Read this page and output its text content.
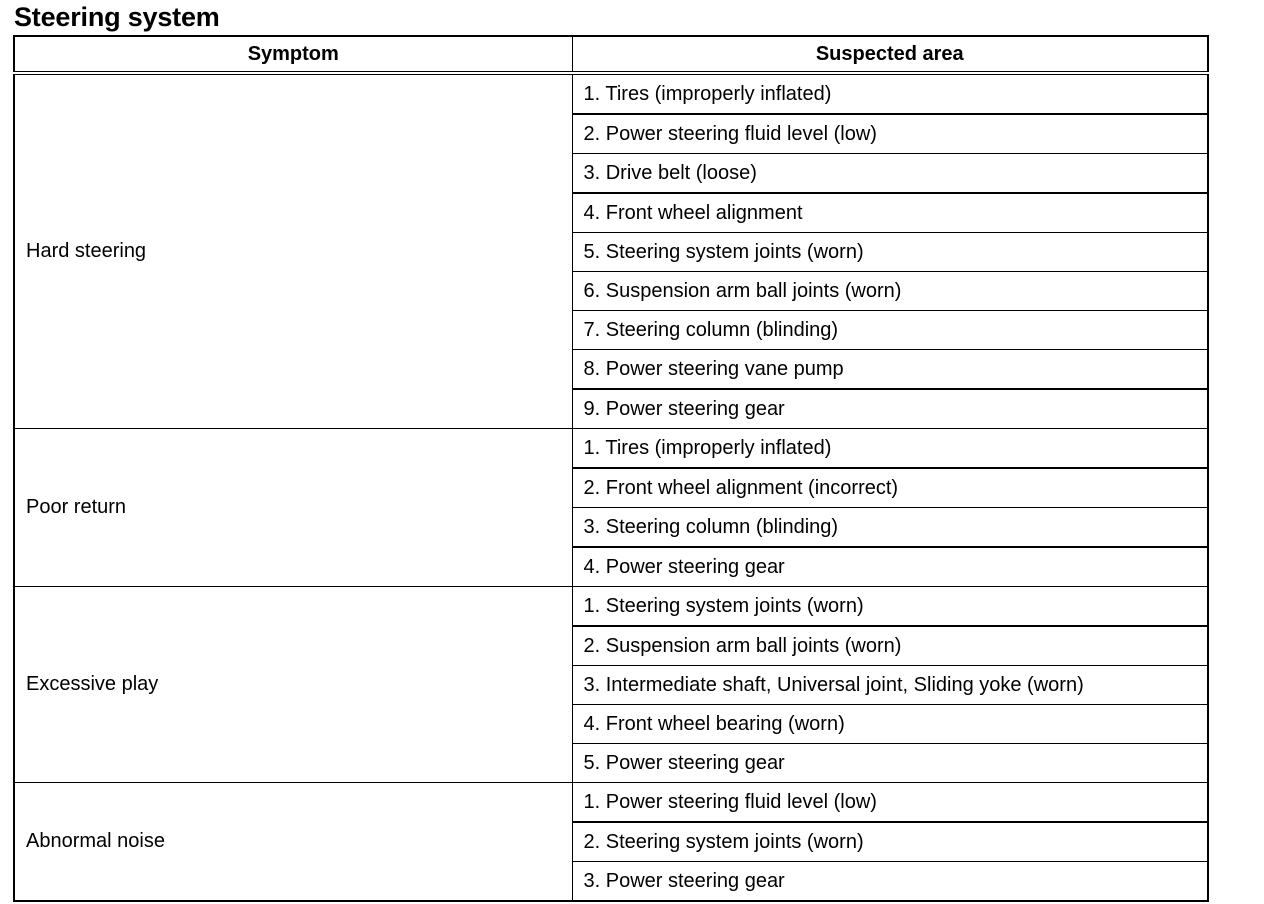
Steering system
Symptom	Suspected area
Hard steering	1. Tires (improperly inflated)
	2. Power steering fluid level (low)
	3. Drive belt (loose)
	4. Front wheel alignment
	5. Steering system joints (worn)
	6. Suspension arm ball joints (worn)
	7. Steering column (blinding)
	8. Power steering vane pump
	9. Power steering gear
Poor return	1. Tires (improperly inflated)
	2. Front wheel alignment (incorrect)
	3. Steering column (blinding)
	4. Power steering gear
Excessive play	1. Steering system joints (worn)
	2. Suspension arm ball joints (worn)
	3. Intermediate shaft, Universal joint, Sliding yoke (worn)
	4. Front wheel bearing (worn)
	5. Power steering gear
Abnormal noise	1. Power steering fluid level (low)
	2. Steering system joints (worn)
	3. Power steering gear
